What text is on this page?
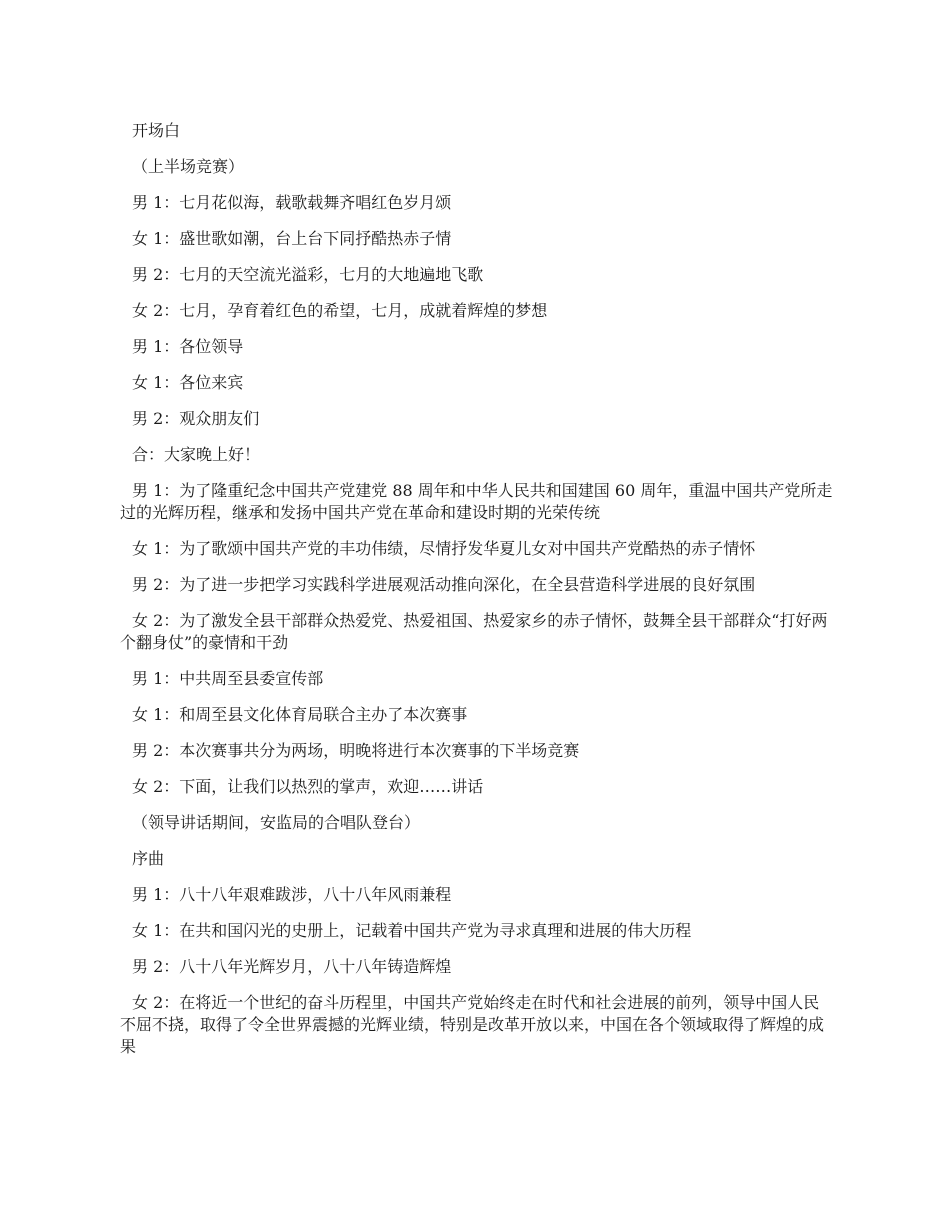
开场白

（上半场竞赛）

男 1：七月花似海，载歌载舞齐唱红色岁月颂

女 1：盛世歌如潮，台上台下同抒酷热赤子情

男 2：七月的天空流光溢彩，七月的大地遍地飞歌

女 2：七月，孕育着红色的希望，七月，成就着辉煌的梦想

男 1：各位领导

女 1：各位来宾

男 2：观众朋友们

合：大家晚上好！

男 1：为了隆重纪念中国共产党建党 88 周年和中华人民共和国建国 60 周年，重温中国共产党所走过的光辉历程，继承和发扬中国共产党在革命和建设时期的光荣传统

女 1：为了歌颂中国共产党的丰功伟绩，尽情抒发华夏儿女对中国共产党酷热的赤子情怀

男 2：为了进一步把学习实践科学进展观活动推向深化，在全县营造科学进展的良好氛围

女 2：为了激发全县干部群众热爱党、热爱祖国、热爱家乡的赤子情怀，鼓舞全县干部群众“打好两个翻身仗”的豪情和干劲

男 1：中共周至县委宣传部

女 1：和周至县文化体育局联合主办了本次赛事

男 2：本次赛事共分为两场，明晚将进行本次赛事的下半场竞赛

女 2：下面，让我们以热烈的掌声，欢迎……讲话

（领导讲话期间，安监局的合唱队登台）

序曲

男 1：八十八年艰难跋涉，八十八年风雨兼程

女 1：在共和国闪光的史册上，记载着中国共产党为寻求真理和进展的伟大历程

男 2：八十八年光辉岁月，八十八年铸造辉煌

女 2：在将近一个世纪的奋斗历程里，中国共产党始终走在时代和社会进展的前列，领导中国人民不屈不挠，取得了令全世界震撼的光辉业绩，特别是改革开放以来，中国在各个领域取得了辉煌的成果
